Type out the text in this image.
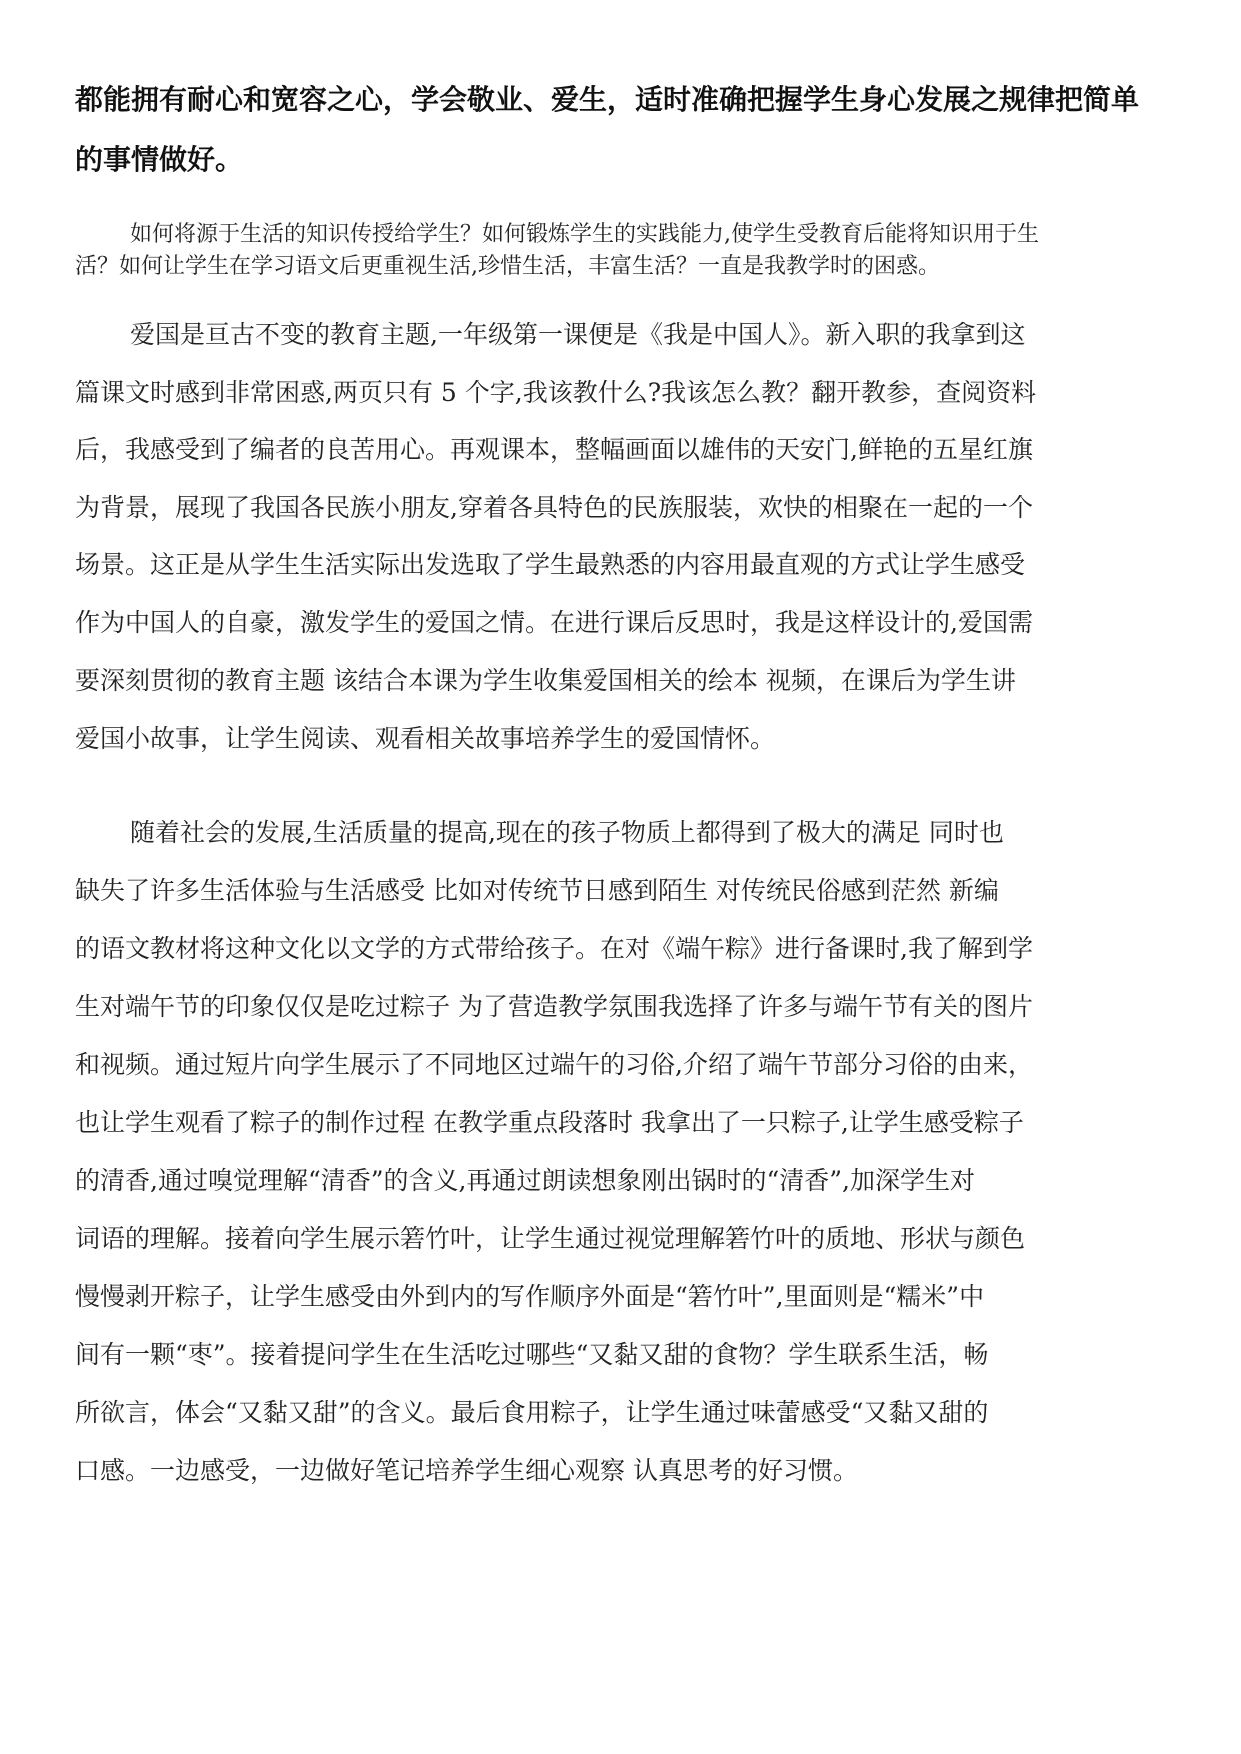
都能拥有耐心和宽容之心，学会敬业、爱生，适时准确把握学生身心发展之规律把简单
的事情做好。
如何将源于生活的知识传授给学生？如何锻炼学生的实践能力,使学生受教育后能将知识用于生
活？如何让学生在学习语文后更重视生活,珍惜生活，丰富生活？一直是我教学时的困惑。
爱国是亘古不变的教育主题,一年级第一课便是《我是中国人》。新入职的我拿到这
篇课文时感到非常困惑,两页只有 5 个字,我该教什么?我该怎么教？翻开教参，查阅资料
后，我感受到了编者的良苦用心。再观课本，整幅画面以雄伟的天安门,鲜艳的五星红旗
为背景，展现了我国各民族小朋友,穿着各具特色的民族服装，欢快的相聚在一起的一个
场景。这正是从学生生活实际出发选取了学生最熟悉的内容用最直观的方式让学生感受
作为中国人的自豪，激发学生的爱国之情。在进行课后反思时，我是这样设计的,爱国需
要深刻贯彻的教育主题 该结合本课为学生收集爱国相关的绘本 视频，在课后为学生讲
爱国小故事，让学生阅读、观看相关故事培养学生的爱国情怀。
随着社会的发展,生活质量的提高,现在的孩子物质上都得到了极大的满足 同时也
缺失了许多生活体验与生活感受 比如对传统节日感到陌生 对传统民俗感到茫然 新编
的语文教材将这种文化以文学的方式带给孩子。在对《端午粽》进行备课时,我了解到学
生对端午节的印象仅仅是吃过粽子 为了营造教学氛围我选择了许多与端午节有关的图片
和视频。通过短片向学生展示了不同地区过端午的习俗,介绍了端午节部分习俗的由来，
也让学生观看了粽子的制作过程 在教学重点段落时 我拿出了一只粽子,让学生感受粽子
的清香,通过嗅觉理解“清香”的含义,再通过朗读想象刚出锅时的“清香”,加深学生对
词语的理解。接着向学生展示箬竹叶，让学生通过视觉理解箬竹叶的质地、形状与颜色
慢慢剥开粽子，让学生感受由外到内的写作顺序外面是“箬竹叶”,里面则是“糯米”中
间有一颗“枣”。接着提问学生在生活吃过哪些“又黏又甜的食物？学生联系生活，畅
所欲言，体会“又黏又甜”的含义。最后食用粽子，让学生通过味蕾感受“又黏又甜的
口感。一边感受，一边做好笔记培养学生细心观察 认真思考的好习惯。
